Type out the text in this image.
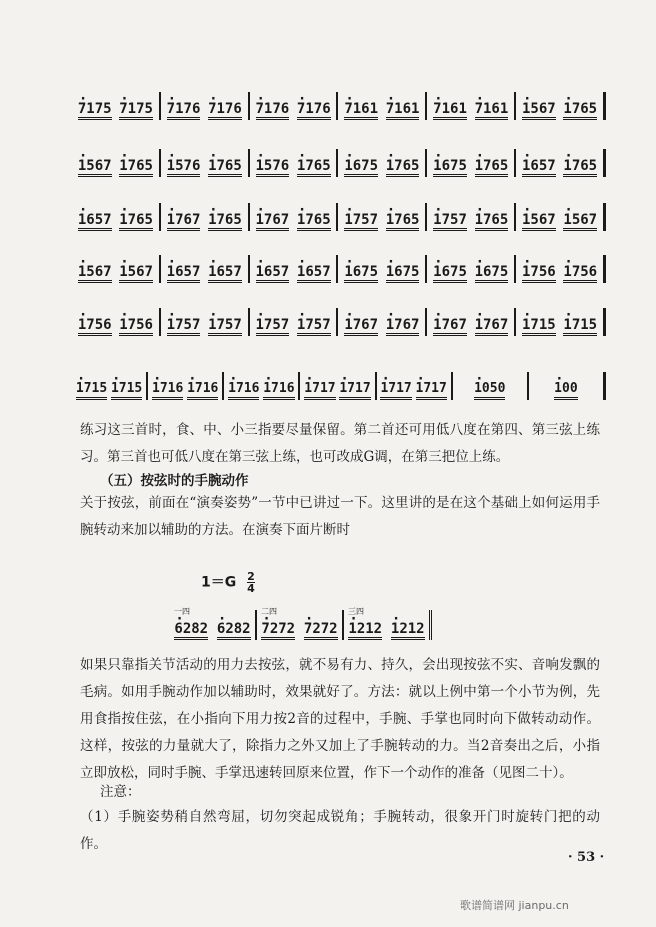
· 7175 · 7175 · 7176 · 7176 · 7176 · 7176 · 7161 · 7161 · 7161 · 7161 · 1567 · 1765
· 1567 · 1765 · 1576 · 1765 · 1576 · 1765 · 1675 · 1765 · 1675 · 1765 · 1657 · 1765
· 1657 · 1765 · 1767 · 1765 · 1767 · 1765 · 1757 · 1765 · 1757 · 1765 · 1567 · 1567
· 1567 · 1567 · 1657 · 1657 · 1657 · 1657 · 1675 · 1675 · 1675 · 1675 · 1756 · 1756
· 1756 · 1756 · 1757 · 1757 · 1757 · 1757 · 1767 · 1767 · 1767 · 1767 · 1715 · 1715
· 1715 · 1715 · 1716 · 1716 · 1716 · 1716 · 1717 · 1717 · 1717 · 1717 · 1050	· 100
练习这三首时，食、中、小三指要尽量保留。第二首还可用低八度在第四、第三弦上练习。第三首也可低八度在第三弦上练，也可改成G调，在第三把位上练。
（五）按弦时的手腕动作
关于按弦，前面在“演奏姿势”一节中已讲过一下。这里讲的是在这个基础上如何运用手腕转动来加以辅助的方法。在演奏下面片断时
$1=G \frac{2}{4}$
一四
· 6282 · 6282
二四
· 7272 · 7272
三四
· 1212 · 1212
如果只靠指关节活动的用力去按弦，就不易有力、持久，会出现按弦不实、音响发飘的毛病。如用手腕动作加以辅助时，效果就好了。方法：就以上例中第一个小节为例，先用食指按住弦，在小指向下用力按2音的过程中，手腕、手掌也同时向下做转动动作。这样，按弦的力量就大了，除指力之外又加上了手腕转动的力。当2音奏出之后，小指立即放松，同时手腕、手掌迅速转回原来位置，作下一个动作的准备（见图二十）。
注意：
（1）手腕姿势稍自然弯屈，切勿突起成锐角；手腕转动，很象开门时旋转门把的动作。
· 53 ·
歌谱简谱网 jianpu.cn
